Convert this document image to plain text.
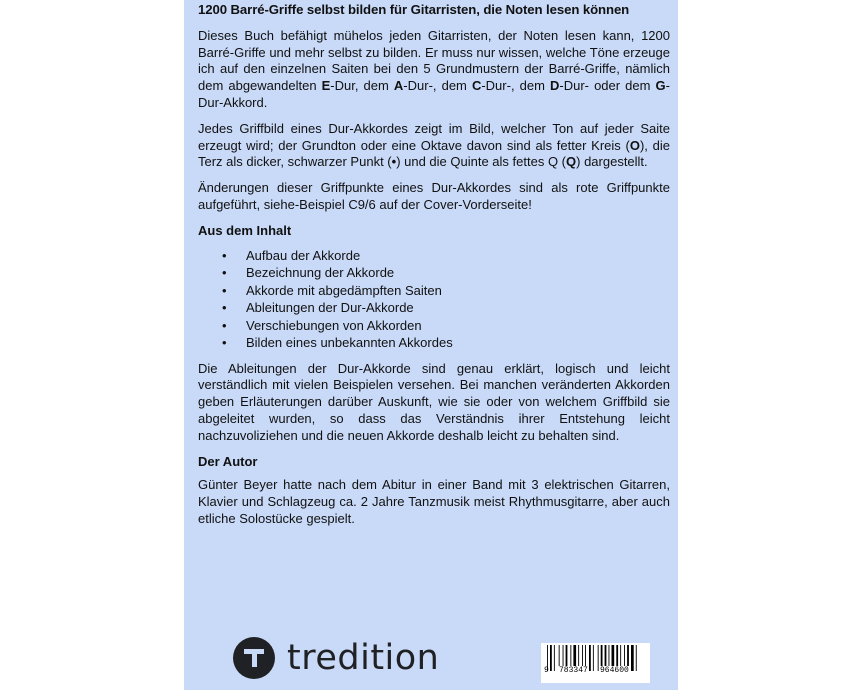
1200 Barré-Griffe selbst bilden für Gitarristen, die Noten lesen können

Dieses Buch befähigt mühelos jeden Gitarristen, der Noten lesen kann, 1200 Barré-Griffe und mehr selbst zu bilden. Er muss nur wissen, welche Töne erzeuge ich auf den einzelnen Saiten bei den 5 Grundmustern der Barré-Griffe, nämlich dem abgewandelten E-Dur, dem A-Dur-, dem C-Dur-, dem D-Dur- oder dem G-Dur-Akkord.

Jedes Griffbild eines Dur-Akkordes zeigt im Bild, welcher Ton auf jeder Saite erzeugt wird; der Grundton oder eine Oktave davon sind als fetter Kreis (O), die Terz als dicker, schwarzer Punkt (•) und die Quinte als fettes Q (Q) dargestellt.

Änderungen dieser Griffpunkte eines Dur-Akkordes sind als rote Griffpunkte aufgeführt, siehe-Beispiel C9/6 auf der Cover-Vorderseite!

Aus dem Inhalt
• Aufbau der Akkorde
• Bezeichnung der Akkorde
• Akkorde mit abgedämpften Saiten
• Ableitungen der Dur-Akkorde
• Verschiebungen von Akkorden
• Bilden eines unbekannten Akkordes

Die Ableitungen der Dur-Akkorde sind genau erklärt, logisch und leicht verständlich mit vielen Beispielen versehen. Bei manchen veränderten Akkorden geben Erläuterungen darüber Auskunft, wie sie oder von welchem Griffbild sie abgeleitet wurden, so dass das Verständnis ihrer Entstehung leicht nachzuvoliziehen und die neuen Akkorde deshalb leicht zu behalten sind.

Der Autor

Günter Beyer hatte nach dem Abitur in einer Band mit 3 elektrischen Gitarren, Klavier und Schlagzeug ca. 2 Jahre Tanzmusik meist Rhythmusgitarre, aber auch etliche Solostücke gespielt.

tredition	9 783347 964600
